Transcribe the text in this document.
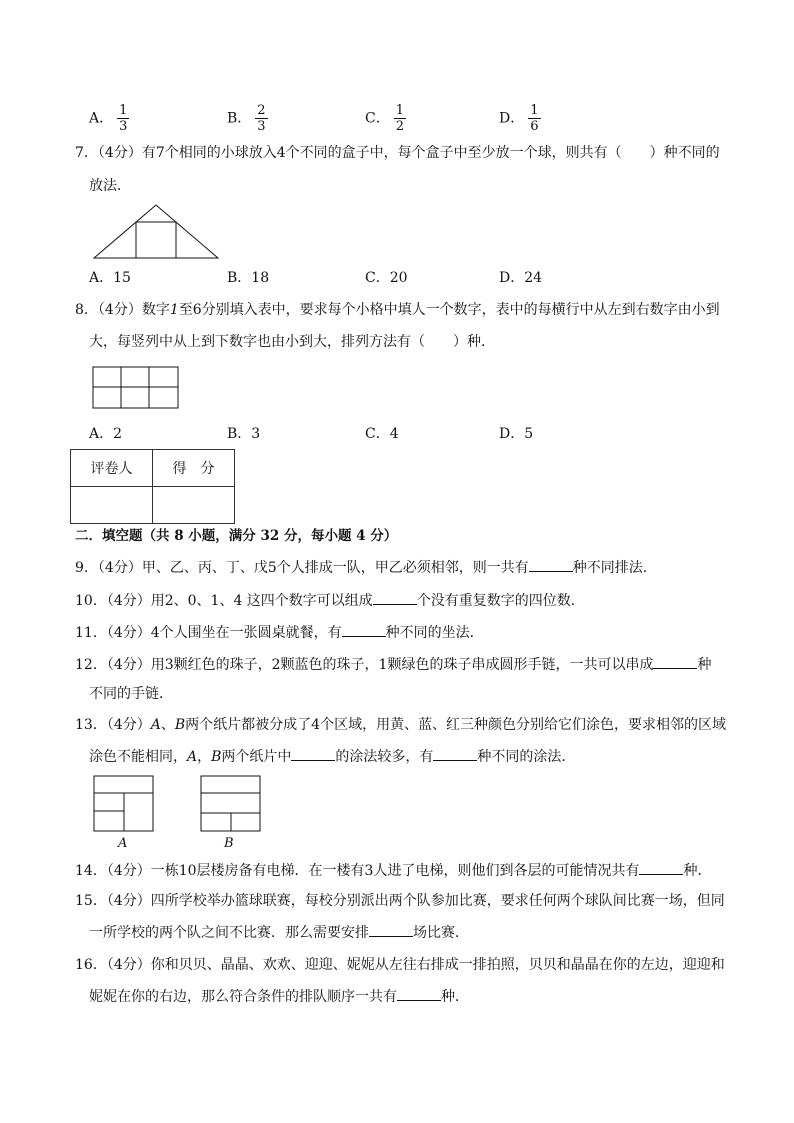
A． $\frac{1}{3}$	B． $\frac{2}{3}$	C． $\frac{1}{2}$	D． $\frac{1}{6}$
7．（4分）有7个相同的小球放入4个不同的盒子中，每个盒子中至少放一个球，则共有（　　）种不同的
放法．
A．15	B．18	C．20	D．24
8．（4分）数字1至6分别填入表中，要求每个小格中填人一个数字，表中的每横行中从左到右数字由小到
大，每竖列中从上到下数字也由小到大，排列方法有（　　）种．
A．2	B．3	C．4	D．5
评卷人	得　分

二．填空题（共 8 小题，满分 32 分，每小题 4 分）
9．（4分）甲、乙、丙、丁、戊5个人排成一队，甲乙必须相邻，则一共有	种不同排法．
10．（4分）用2、0、1、4 这四个数字可以组成	个没有重复数字的四位数．
11．（4分）4个人围坐在一张圆桌就餐，有	种不同的坐法．
12．（4分）用3颗红色的珠子，2颗蓝色的珠子，1颗绿色的珠子串成圆形手链，一共可以串成	种
不同的手链．
13．（4分）A、B两个纸片都被分成了4个区域，用黄、蓝、红三种颜色分别给它们涂色，要求相邻的区域
涂色不能相同，A，B两个纸片中	的涂法较多，有	种不同的涂法．
A	B
14．（4分）一栋10层楼房备有电梯．在一楼有3人进了电梯，则他们到各层的可能情况共有	种．
15．（4分）四所学校举办篮球联赛，每校分别派出两个队参加比赛，要求任何两个球队间比赛一场，但同
一所学校的两个队之间不比赛．那么需要安排	场比赛．
16．（4分）你和贝贝、晶晶、欢欢、迎迎、妮妮从左往右排成一排拍照，贝贝和晶晶在你的左边，迎迎和
妮妮在你的右边，那么符合条件的排队顺序一共有	种．
